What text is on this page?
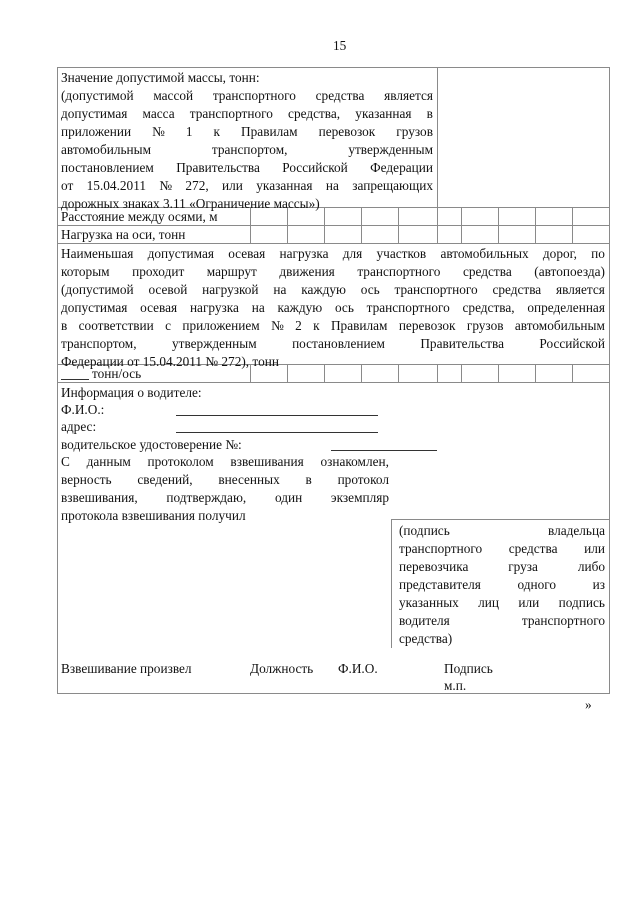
15
Значение допустимой массы, тонн:
(допустимой массой транспортного средства является
допустимая масса транспортного средства, указанная в
приложении № 1 к Правилам перевозок грузов
автомобильным	транспортом,	утвержденным
постановлением Правительства Российской Федерации
от 15.04.2011 № 272, или указанная на запрещающих
дорожных знаках 3.11 «Ограничение массы»)
Расстояние между осями, м
Нагрузка на оси, тонн
Наименьшая допустимая осевая нагрузка для участков автомобильных дорог, по
которым проходит маршрут движения транспортного средства (автопоезда)
(допустимой осевой нагрузкой на каждую ось транспортного средства является
допустимая осевая нагрузка на каждую ось транспортного средства, определенная
в соответствии с приложением № 2 к Правилам перевозок грузов автомобильным
транспортом,	утвержденным	постановлением	Правительства	Российской
Федерации от 15.04.2011 № 272), тонн
тонн/ось
Информация о водителе:
Ф.И.О.:
адрес:
водительское удостоверение №:
С данным протоколом взвешивания ознакомлен,
верность сведений, внесенных в протокол
взвешивания, подтверждаю, один экземпляр
протокола взвешивания получил
(подпись	владельца
транспортного средства или
перевозчика	груза	либо
представителя	одного	из
указанных лиц или подпись
водителя	транспортного
средства)
Взвешивание произвел	Должность Ф.И.О.	Подпись
м.п.
»
